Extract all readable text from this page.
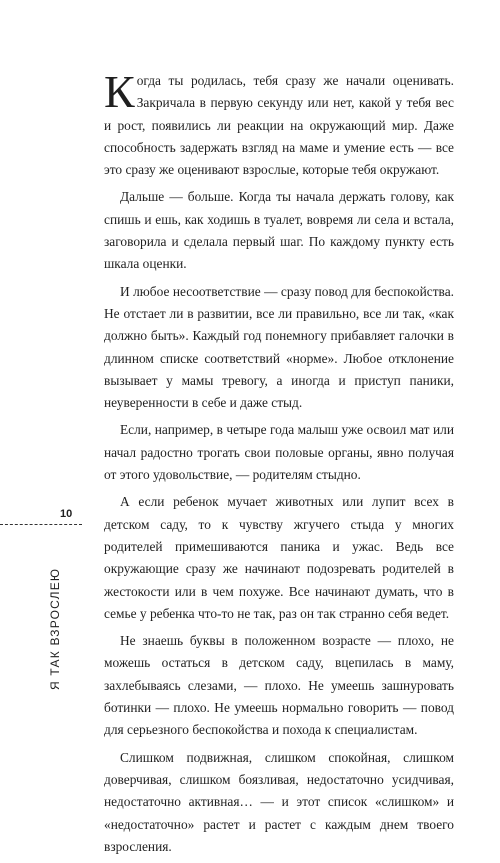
Когда ты родилась, тебя сразу же начали оценивать. Закричала в первую секунду или нет, какой у тебя вес и рост, появились ли реакции на окружающий мир. Даже способность задержать взгляд на маме и умение есть — все это сразу же оценивают взрослые, которые тебя окружают.

Дальше — больше. Когда ты начала держать голову, как спишь и ешь, как ходишь в туалет, вовремя ли села и встала, заговорила и сделала первый шаг. По каждому пункту есть шкала оценки.

И любое несоответствие — сразу повод для беспокойства. Не отстает ли в развитии, все ли правильно, все ли так, «как должно быть». Каждый год понемногу прибавляет галочки в длинном списке соответствий «норме». Любое отклонение вызывает у мамы тревогу, а иногда и приступ паники, неуверенности в себе и даже стыд.

Если, например, в четыре года малыш уже освоил мат или начал радостно трогать свои половые органы, явно получая от этого удовольствие, — родителям стыдно.

А если ребенок мучает животных или лупит всех в детском саду, то к чувству жгучего стыда у многих родителей примешиваются паника и ужас. Ведь все окружающие сразу же начинают подозревать родителей в жестокости или в чем похуже. Все начинают думать, что в семье у ребенка что-то не так, раз он так странно себя ведет.

Не знаешь буквы в положенном возрасте — плохо, не можешь остаться в детском саду, вцепилась в маму, захлебываясь слезами, — плохо. Не умеешь зашнуровать ботинки — плохо. Не умеешь нормально говорить — повод для серьезного беспокойства и похода к специалистам.

Слишком подвижная, слишком спокойная, слишком доверчивая, слишком боязливая, недостаточно усидчивая, недостаточно активная… — и этот список «слишком» и «недостаточно» растет и растет с каждым днем твоего взросления.

10
Я ТАК ВЗРОСЛЕЮ
